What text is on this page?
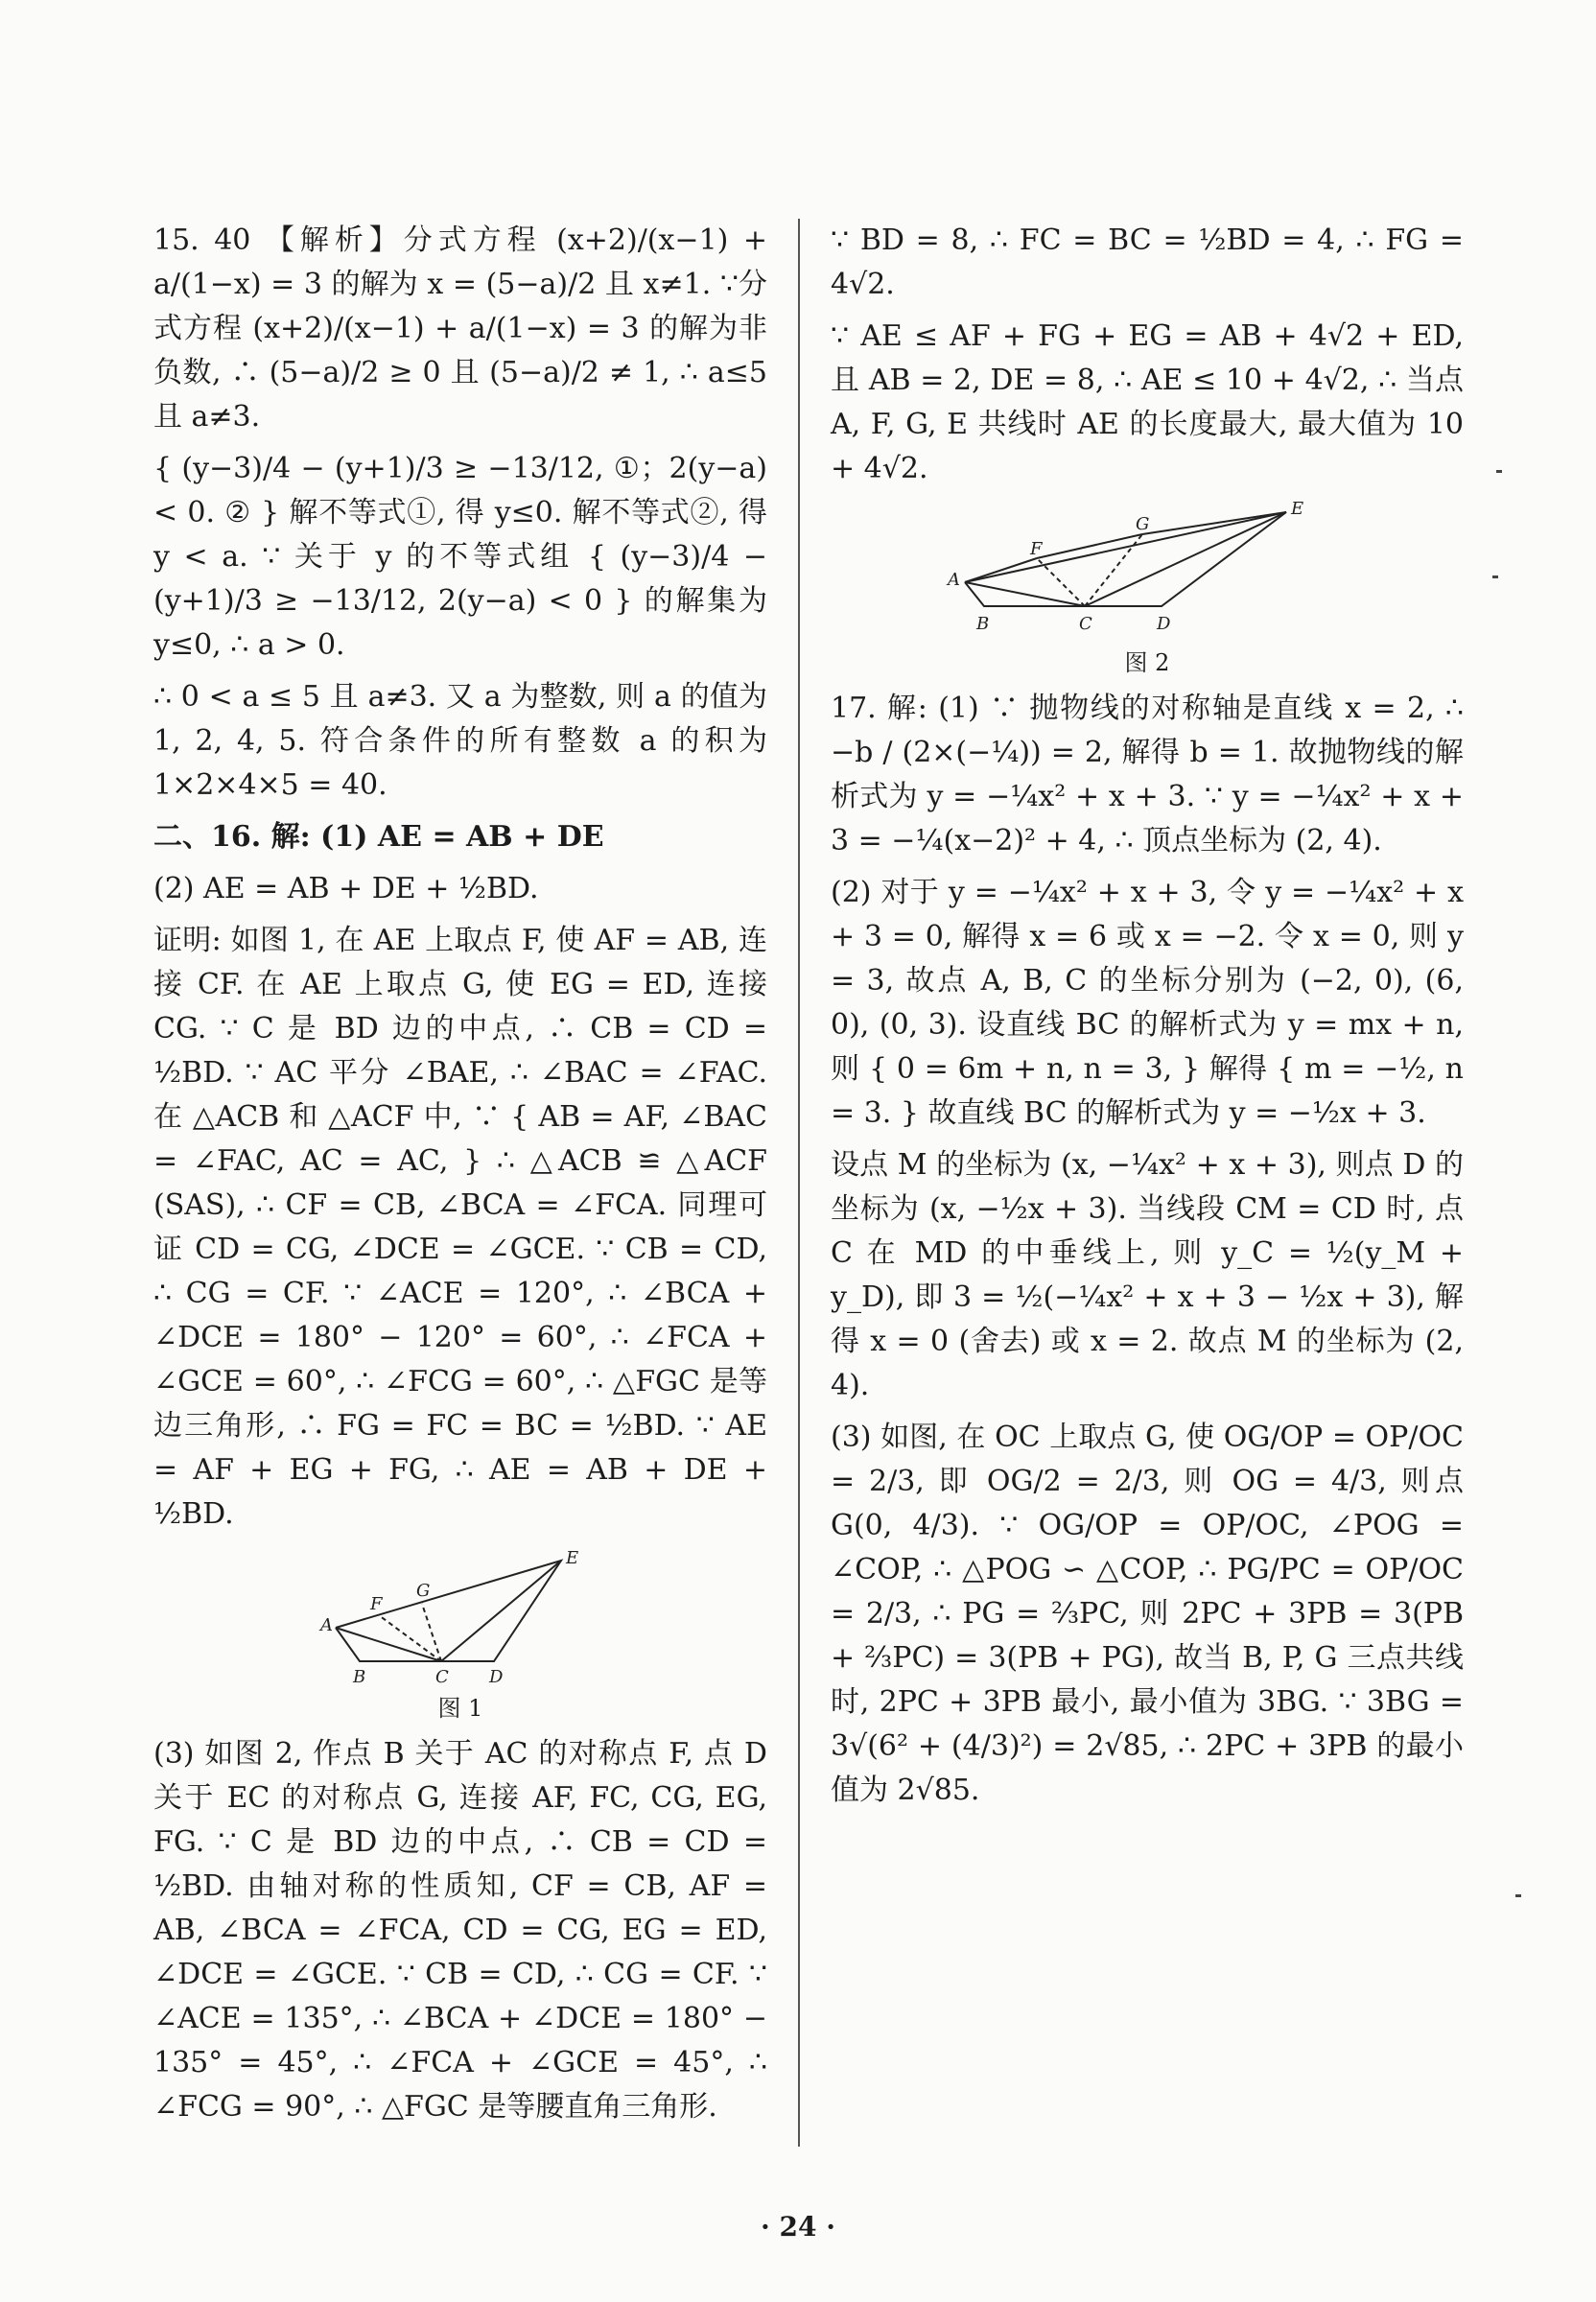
15. 40 【解析】分式方程 (x+2)/(x−1) + a/(1−x) = 3 的解为 x = (5−a)/2 且 x≠1. ∵分式方程 (x+2)/(x−1) + a/(1−x) = 3 的解为非负数, ∴ (5−a)/2 ≥ 0 且 (5−a)/2 ≠ 1, ∴ a≤5 且 a≠3.

{ (y−3)/4 − (y+1)/3 ≥ −13/12, ①；2(y−a) < 0. ② } 解不等式①, 得 y≤0. 解不等式②, 得 y < a. ∵ 关于 y 的不等式组 { (y−3)/4 − (y+1)/3 ≥ −13/12, 2(y−a) < 0 } 的解集为 y≤0, ∴ a > 0.

∴ 0 < a ≤ 5 且 a≠3. 又 a 为整数, 则 a 的值为 1, 2, 4, 5. 符合条件的所有整数 a 的积为 1×2×4×5 = 40.

二、16. 解: (1) AE = AB + DE

(2) AE = AB + DE + ½BD.

证明: 如图 1, 在 AE 上取点 F, 使 AF = AB, 连接 CF. 在 AE 上取点 G, 使 EG = ED, 连接 CG. ∵ C 是 BD 边的中点, ∴ CB = CD = ½BD. ∵ AC 平分 ∠BAE, ∴ ∠BAC = ∠FAC. 在 △ACB 和 △ACF 中, ∵ { AB = AF, ∠BAC = ∠FAC, AC = AC, } ∴ △ACB ≌ △ACF (SAS), ∴ CF = CB, ∠BCA = ∠FCA. 同理可证 CD = CG, ∠DCE = ∠GCE. ∵ CB = CD, ∴ CG = CF. ∵ ∠ACE = 120°, ∴ ∠BCA + ∠DCE = 180° − 120° = 60°, ∴ ∠FCA + ∠GCE = 60°, ∴ ∠FCG = 60°, ∴ △FGC 是等边三角形, ∴ FG = FC = BC = ½BD. ∵ AE = AF + EG + FG, ∴ AE = AB + DE + ½BD.

A
B	C D
E
F
G
图 1

(3) 如图 2, 作点 B 关于 AC 的对称点 F, 点 D 关于 EC 的对称点 G, 连接 AF, FC, CG, EG, FG. ∵ C 是 BD 边的中点, ∴ CB = CD = ½BD. 由轴对称的性质知, CF = CB, AF = AB, ∠BCA = ∠FCA, CD = CG, EG = ED, ∠DCE = ∠GCE. ∵ CB = CD, ∴ CG = CF. ∵ ∠ACE = 135°, ∴ ∠BCA + ∠DCE = 180° − 135° = 45°, ∴ ∠FCA + ∠GCE = 45°, ∴ ∠FCG = 90°, ∴ △FGC 是等腰直角三角形.

∵ BD = 8, ∴ FC = BC = ½BD = 4, ∴ FG = 4√2.

∵ AE ≤ AF + FG + EG = AB + 4√2 + ED, 且 AB = 2, DE = 8, ∴ AE ≤ 10 + 4√2, ∴ 当点 A, F, G, E 共线时 AE 的长度最大, 最大值为 10 + 4√2.

A
B	C	D
E
F
G
图 2

17. 解: (1) ∵ 抛物线的对称轴是直线 x = 2, ∴ −b / (2×(−¼)) = 2, 解得 b = 1. 故抛物线的解析式为 y = −¼x² + x + 3. ∵ y = −¼x² + x + 3 = −¼(x−2)² + 4, ∴ 顶点坐标为 (2, 4).

(2) 对于 y = −¼x² + x + 3, 令 y = −¼x² + x + 3 = 0, 解得 x = 6 或 x = −2. 令 x = 0, 则 y = 3, 故点 A, B, C 的坐标分别为 (−2, 0), (6, 0), (0, 3). 设直线 BC 的解析式为 y = mx + n, 则 { 0 = 6m + n, n = 3, } 解得 { m = −½, n = 3. } 故直线 BC 的解析式为 y = −½x + 3.

设点 M 的坐标为 (x, −¼x² + x + 3), 则点 D 的坐标为 (x, −½x + 3). 当线段 CM = CD 时, 点 C 在 MD 的中垂线上, 则 y_C = ½(y_M + y_D), 即 3 = ½(−¼x² + x + 3 − ½x + 3), 解得 x = 0 (舍去) 或 x = 2. 故点 M 的坐标为 (2, 4).

(3) 如图, 在 OC 上取点 G, 使 OG/OP = OP/OC = 2/3, 即 OG/2 = 2/3, 则 OG = 4/3, 则点 G(0, 4/3). ∵ OG/OP = OP/OC, ∠POG = ∠COP, ∴ △POG ∽ △COP, ∴ PG/PC = OP/OC = 2/3, ∴ PG = ⅔PC, 则 2PC + 3PB = 3(PB + ⅔PC) = 3(PB + PG), 故当 B, P, G 三点共线时, 2PC + 3PB 最小, 最小值为 3BG. ∵ 3BG = 3√(6² + (4/3)²) = 2√85, ∴ 2PC + 3PB 的最小值为 2√85.

· 24 ·
